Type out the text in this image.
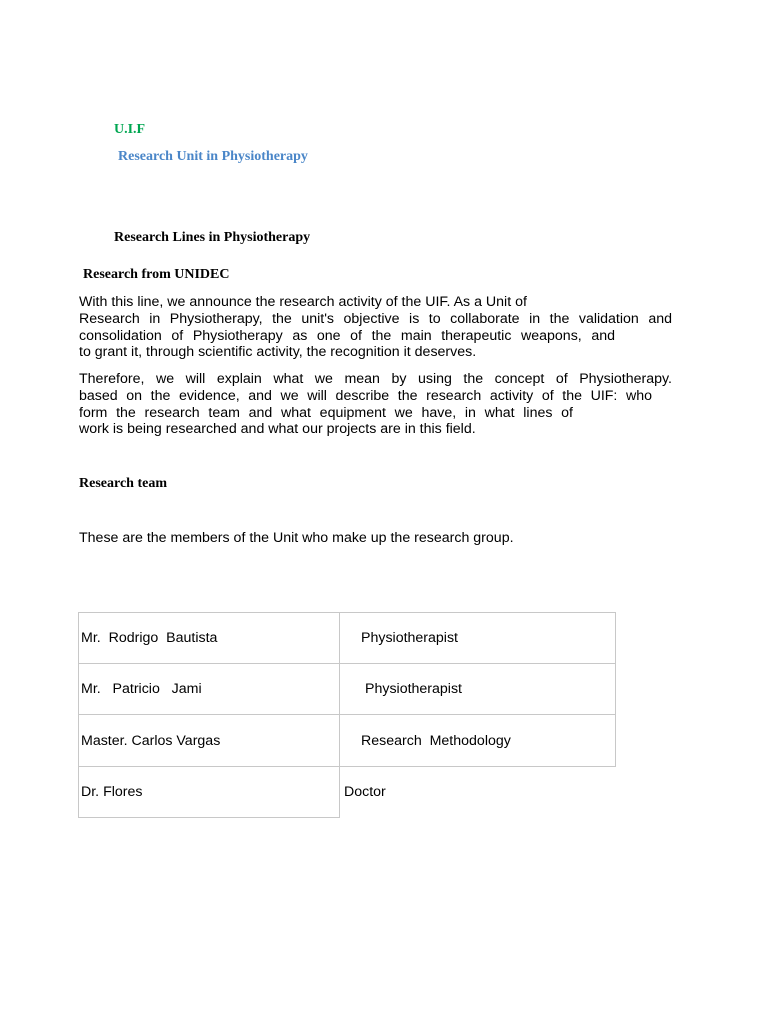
U.I.F
Research Unit in Physiotherapy
Research Lines in Physiotherapy
Research from UNIDEC
With this line, we announce the research activity of the UIF. As a Unit of
Research in Physiotherapy, the unit's objective is to collaborate in the validation and
consolidation of Physiotherapy as one of the main therapeutic weapons, and
to grant it, through scientific activity, the recognition it deserves.
Therefore, we will explain what we mean by using the concept of Physiotherapy.
based on the evidence, and we will describe the research activity of the UIF: who
form the research team and what equipment we have, in what lines of
work is being researched and what our projects are in this field.
Research team
These are the members of the Unit who make up the research group.
Mr.  Rodrigo  Bautista	Physiotherapist
Mr.   Patricio   Jami	Physiotherapist
Master. Carlos Vargas	Research  Methodology
Dr. Flores	Doctor
